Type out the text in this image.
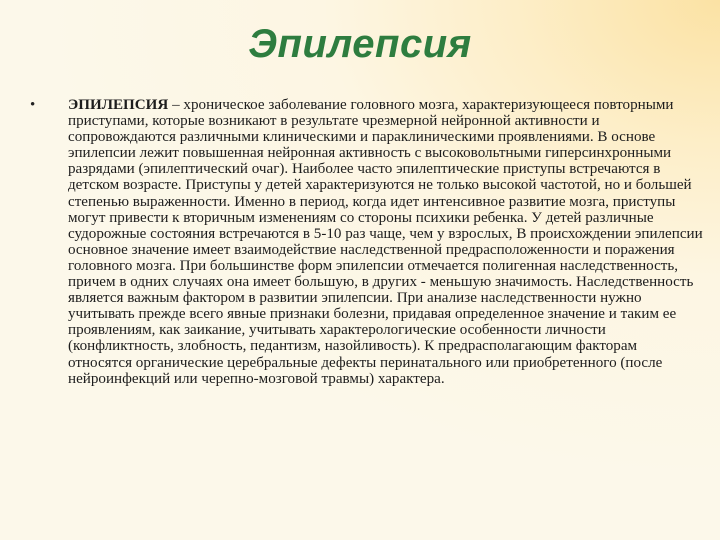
Эпилепсия
•	ЭПИЛЕПСИЯ – хроническое заболевание головного мозга, характеризующееся повторными приступами, которые возникают в результате чрезмерной нейронной активности и сопровождаются различными клиническими и параклиническими проявлениями. В основе эпилепсии лежит повышенная нейронная активность с высоковольтными гиперсинхронными разрядами (эпилептический очаг). Наиболее часто эпилептические приступы встречаются в детском возрасте. Приступы у детей характеризуются не только высокой частотой, но и большей степенью выраженности. Именно в период, когда идет интенсивное развитие мозга, приступы могут привести к вторичным изменениям со стороны психики ребенка. У детей различные судорожные состояния встречаются в 5-10 раз чаще, чем у взрослых, В происхождении эпилепсии основное значение имеет взаимодействие наследственной предрасположенности и поражения головного мозга. При большинстве форм эпилепсии отмечается полигенная наследственность, причем в одних случаях она имеет большую, в других - меньшую значимость. Наследственность является важным фактором в развитии эпилепсии. При анализе наследственности нужно учитывать прежде всего явные признаки болезни, придавая определенное значение и таким ее проявлениям, как заикание, учитывать характерологические особенности личности (конфликтность, злобность, педантизм, назойливость). К предрасполагающим факторам относятся органические церебральные дефекты перинатального или приобретенного (после нейроинфекций или черепно-мозговой травмы) характера.
